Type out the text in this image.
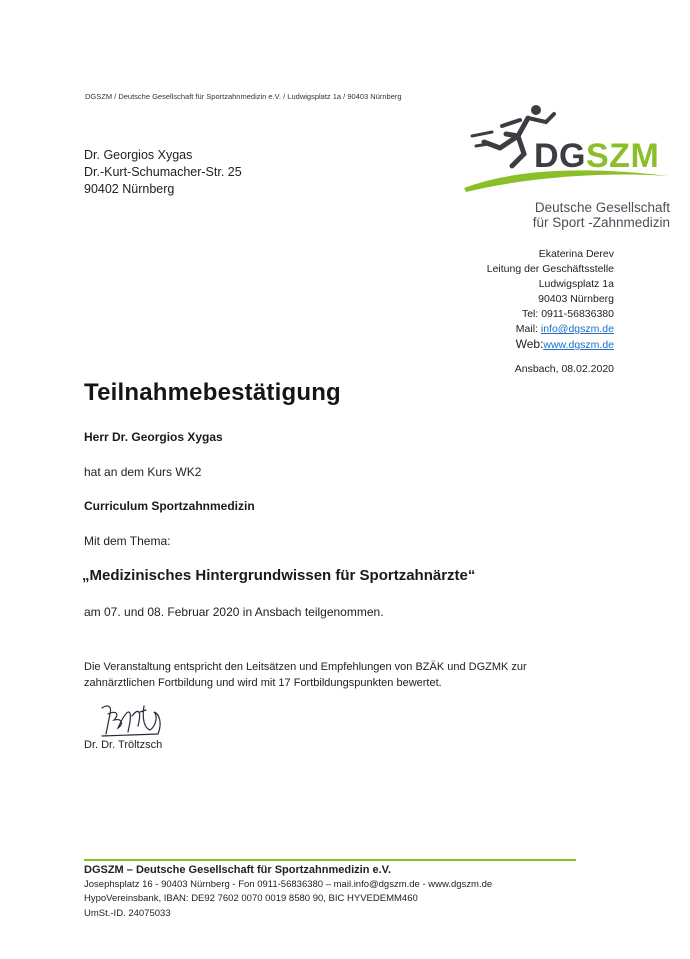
DGSZM / Deutsche Gesellschaft für Sportzahnmedizin e.V. / Ludwigsplatz 1a / 90403 Nürnberg
Dr. Georgios Xygas
Dr.-Kurt-Schumacher-Str. 25
90402 Nürnberg
DGSZM
Deutsche Gesellschaft
für Sport -Zahnmedizin
Ekaterina Derev
Leitung der Geschäftsstelle
Ludwigsplatz 1a
90403 Nürnberg
Tel: 0911-56836380
Mail: info@dgszm.de
Web:www.dgszm.de
Ansbach, 08.02.2020
Teilnahmebestätigung
Herr Dr. Georgios Xygas
hat an dem Kurs WK2
Curriculum Sportzahnmedizin
Mit dem Thema:
„Medizinisches Hintergrundwissen für Sportzahnärzte“
am 07. und 08. Februar 2020 in Ansbach teilgenommen.
Die Veranstaltung entspricht den Leitsätzen und Empfehlungen von BZÄK und DGZMK zur
zahnärztlichen Fortbildung und wird mit 17 Fortbildungspunkten bewertet.
Dr. Dr. Tröltzsch
DGSZM – Deutsche Gesellschaft für Sportzahnmedizin e.V.
Josephsplatz 16 - 90403 Nürnberg - Fon 0911-56836380 – mail.info@dgszm.de - www.dgszm.de
HypoVereinsbank, IBAN: DE92 7602 0070 0019 8580 90, BIC HYVEDEMM460
UmSt.-ID. 24075033
